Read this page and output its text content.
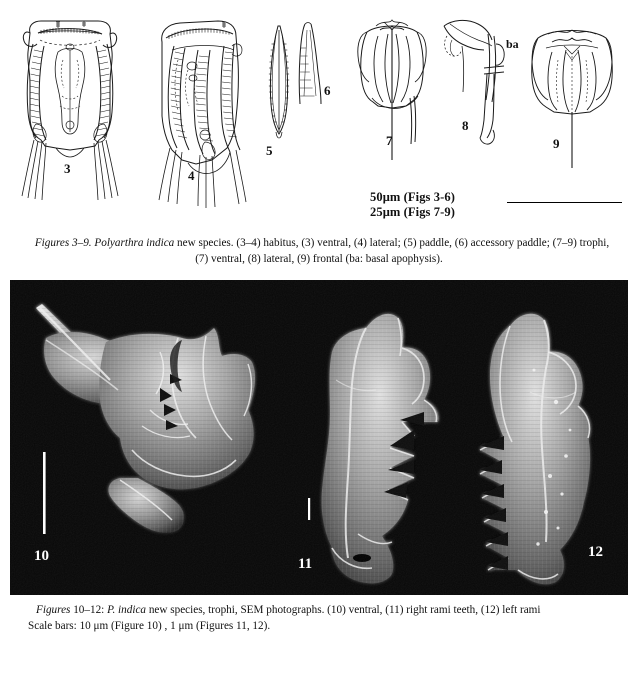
3	4
5
6
7
ba
8
9
50μm (Figs 3-6)
25μm (Figs 7-9)
Figures 3–9. Polyarthra indica new species. (3–4) habitus, (3) ventral, (4) lateral; (5) paddle, (6) accessory paddle; (7–9) trophi,
(7) ventral, (8) lateral, (9) frontal (ba: basal apophysis).
10	11
12
Figures 10–12: P. indica new species, trophi, SEM photographs. (10) ventral, (11) right rami teeth, (12) left rami
Scale bars: 10 μm (Figure 10) , 1 μm (Figures 11, 12).
